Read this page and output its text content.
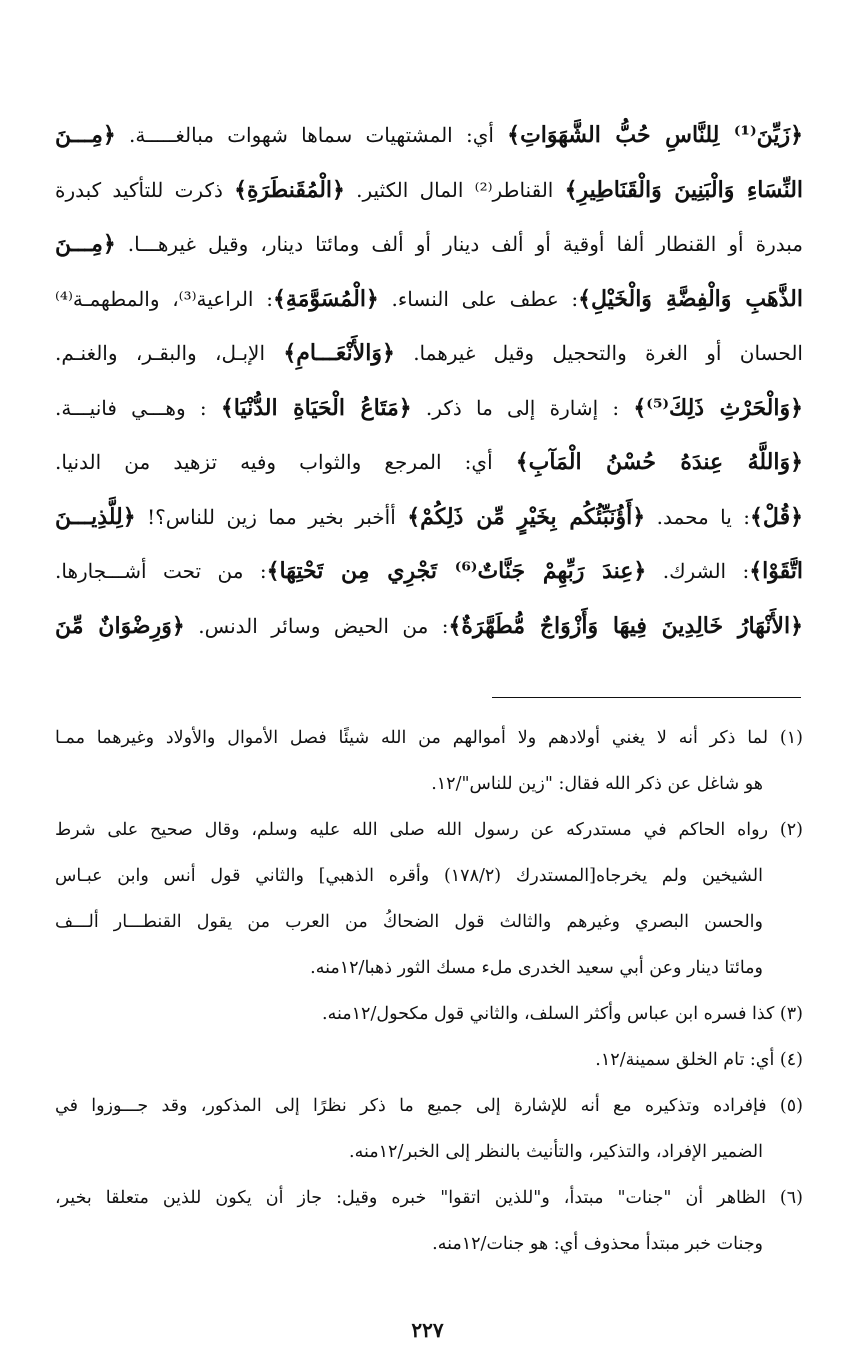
﴿زَيِّنَ⁽¹⁾ لِلنَّاسِ حُبُّ الشَّهَوَاتِ﴾ أي: المشتهيات سماها شهوات مبالغـــــة. ﴿مِـــنَ
النِّسَاءِ وَالْبَنِينَ وَالْقَنَاطِيرِ﴾ القناطر⁽²⁾ المال الكثير. ﴿الْمُقَنطَرَةِ﴾ ذكرت للتأكيد كبدرة
مبدرة أو القنطار ألفا أوقية أو ألف دينار أو ألف ومائتا دينار، وقيل غيرهـــا. ﴿مِـــنَ
الذَّهَبِ وَالْفِضَّةِ وَالْخَيْلِ﴾: عطف على النساء. ﴿الْمُسَوَّمَةِ﴾: الراعية⁽³⁾، والمطهمـة⁽⁴⁾
الحسان أو الغرة والتحجيل وقيل غيرهما. ﴿وَالأَنْعَـــامِ﴾ الإبـل، والبقـر، والغنـم.
﴿وَالْحَرْثِ ذَلِكَ⁽⁵⁾﴾ : إشارة إلى ما ذكر. ﴿مَتَاعُ الْحَيَاةِ الدُّنْيَا﴾ : وهـــي فانيـــة.
﴿وَاللَّهُ عِندَهُ حُسْنُ الْمَآبِ﴾ أي: المرجع والثواب وفيه تزهيد من الدنيا.
﴿قُلْ﴾: يا محمد. ﴿أَؤُنَبِّئُكُم بِخَيْرٍ مِّن ذَلِكُمْ﴾ أأخبر بخير مما زين للناس؟! ﴿لِلَّذِيـــنَ
اتَّقَوْا﴾: الشرك. ﴿عِندَ رَبِّهِمْ جَنَّاتٌ⁽⁶⁾ تَجْرِي مِن تَحْتِهَا﴾: من تحت أشـــجارها.
﴿الأَنْهَارُ خَالِدِينَ فِيهَا وَأَزْوَاجٌ مُّطَهَّرَةٌ﴾: من الحيض وسائر الدنس. ﴿وَرِضْوَانٌ مِّنَ
(١) لما ذكر أنه لا يغني أولادهم ولا أموالهم من الله شيئًا فصل الأموال والأولاد وغيرهما ممـا
هو شاغل عن ذكر الله فقال: "زين للناس"/١٢.
(٢) رواه الحاكم في مستدركه عن رسول الله صلى الله عليه وسلم، وقال صحيح على شرط
الشيخين ولم يخرجاه[المستدرك (١٧٨/٢) وأقره الذهبي] والثاني قول أنس وابن عبـاس
والحسن البصري وغيرهم والثالث قول الضحاكُ من العرب من يقول القنطـــار ألـــف
ومائتا دينار وعن أبي سعيد الخدرى ملء مسك الثور ذهبا/١٢منه.
(٣) كذا فسره ابن عباس وأكثر السلف، والثاني قول مكحول/١٢منه.
(٤) أي: تام الخلق سمينة/١٢.
(٥) فإفراده وتذكيره مع أنه للإشارة إلى جميع ما ذكر نظرًا إلى المذكور، وقد جـــوزوا في
الضمير الإفراد، والتذكير، والتأنيث بالنظر إلى الخبر/١٢منه.
(٦) الظاهر أن "جنات" مبتدأ، و"للذين اتقوا" خبره وقيل: جاز أن يكون للذين متعلقا بخير،
وجنات خبر مبتدأ محذوف أي: هو جنات/١٢منه.
٢٢٧
